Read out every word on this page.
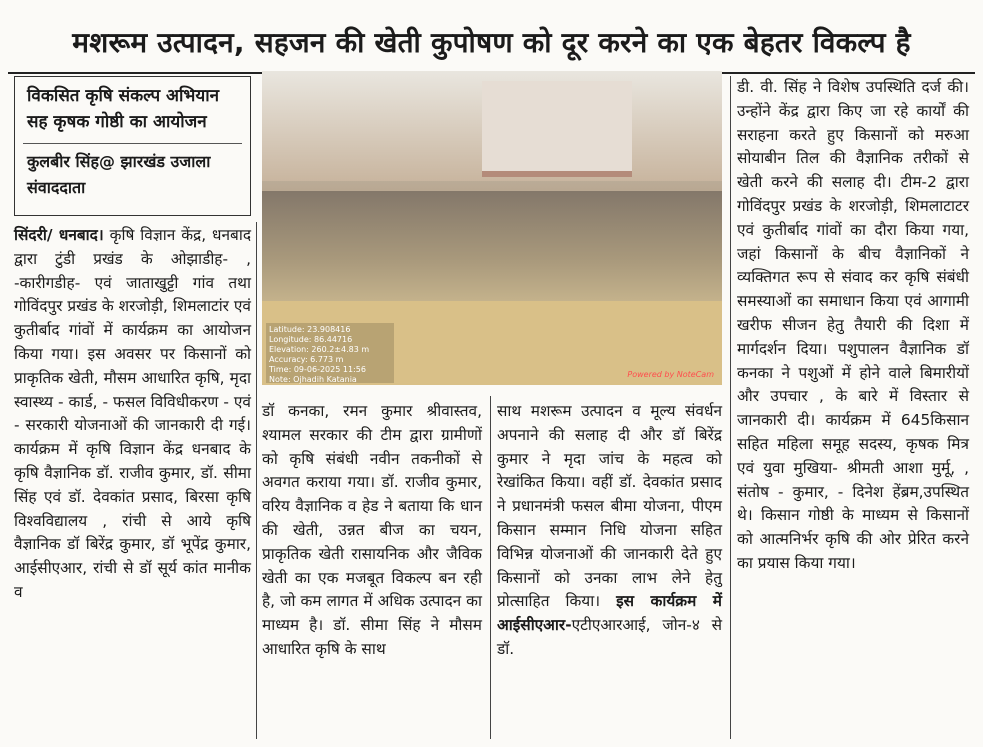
मशरूम उत्पादन, सहजन की खेती कुपोषण को दूर करने का एक बेहतर विकल्प है
विकसित कृषि संकल्प अभियान सह कृषक गोष्ठी का आयोजन
कुलबीर सिंह@ झारखंड उजाला संवाददाता
Latitude: 23.908416
Longitude: 86.44716
Elevation: 260.2±4.83 m
Accuracy: 6.773 m
Time: 09-06-2025 11:56
Note: Ojhadih Katania
Powered by NoteCam
सिंदरी/ धनबाद। कृषि विज्ञान केंद्र, धनबाद द्वारा टुंडी प्रखंड के ओझाडीह- , -कारीगडीह- एवं जाताखुट्टी गांव तथा गोविंदपुर प्रखंड के शरजोड़ी, शिमलाटांर एवं कुतीर्बाद गांवों में कार्यक्रम का आयोजन किया गया। इस अवसर पर किसानों को प्राकृतिक खेती, मौसम आधारित कृषि, मृदा स्वास्थ्य - कार्ड, - फसल विविधीकरण - एवं - सरकारी योजनाओं की जानकारी दी गई। कार्यक्रम में कृषि विज्ञान केंद्र धनबाद के कृषि वैज्ञानिक डॉ. राजीव कुमार, डॉ. सीमा सिंह एवं डॉ. देवकांत प्रसाद, बिरसा कृषि विश्वविद्यालय , रांची से आये कृषि वैज्ञानिक डॉ बिरेंद्र कुमार, डॉ भूपेंद्र कुमार, आईसीएआर, रांची से डॉ सूर्य कांत मानीक व
डॉ कनका, रमन कुमार श्रीवास्तव, श्यामल सरकार की टीम द्वारा ग्रामीणों को कृषि संबंधी नवीन तकनीकों से अवगत कराया गया। डॉ. राजीव कुमार, वरिय वैज्ञानिक व हेड ने बताया कि धान की खेती, उन्नत बीज का चयन, प्राकृतिक खेती रासायनिक और जैविक खेती का एक मजबूत विकल्प बन रही है, जो कम लागत में अधिक उत्पादन का माध्यम है। डॉ. सीमा सिंह ने मौसम आधारित कृषि के साथ
साथ मशरूम उत्पादन व मूल्य संवर्धन अपनाने की सलाह दी और डॉ बिरेंद्र कुमार ने मृदा जांच के महत्व को रेखांकित किया। वहीं डॉ. देवकांत प्रसाद ने प्रधानमंत्री फसल बीमा योजना, पीएम किसान सम्मान निधि योजना सहित विभिन्न योजनाओं की जानकारी देते हुए किसानों को उनका लाभ लेने हेतु प्रोत्साहित किया। इस कार्यक्रम में आईसीएआर-एटीएआरआई, जोन-४ से डॉ.
डी. वी. सिंह ने विशेष उपस्थिति दर्ज की। उन्होंने केंद्र द्वारा किए जा रहे कार्यों की सराहना करते हुए किसानों को मरुआ सोयाबीन तिल की वैज्ञानिक तरीकों से खेती करने की सलाह दी। टीम-2 द्वारा गोविंदपुर प्रखंड के शरजोड़ी, शिमलाटाटर एवं कुतीर्बाद गांवों का दौरा किया गया, जहां किसानों के बीच वैज्ञानिकों ने व्यक्तिगत रूप से संवाद कर कृषि संबंधी समस्याओं का समाधान किया एवं आगामी खरीफ सीजन हेतु तैयारी की दिशा में मार्गदर्शन दिया। पशुपालन वैज्ञानिक डॉ कनका ने पशुओं में होने वाले बिमारीयों और उपचार , के बारे में विस्तार से जानकारी दी। कार्यक्रम में 645किसान सहित महिला समूह सदस्य, कृषक मित्र एवं युवा मुखिया- श्रीमती आशा मुर्मू, , संतोष - कुमार, - दिनेश हेंब्रम,उपस्थित थे। किसान गोष्ठी के माध्यम से किसानों को आत्मनिर्भर कृषि की ओर प्रेरित करने का प्रयास किया गया।
